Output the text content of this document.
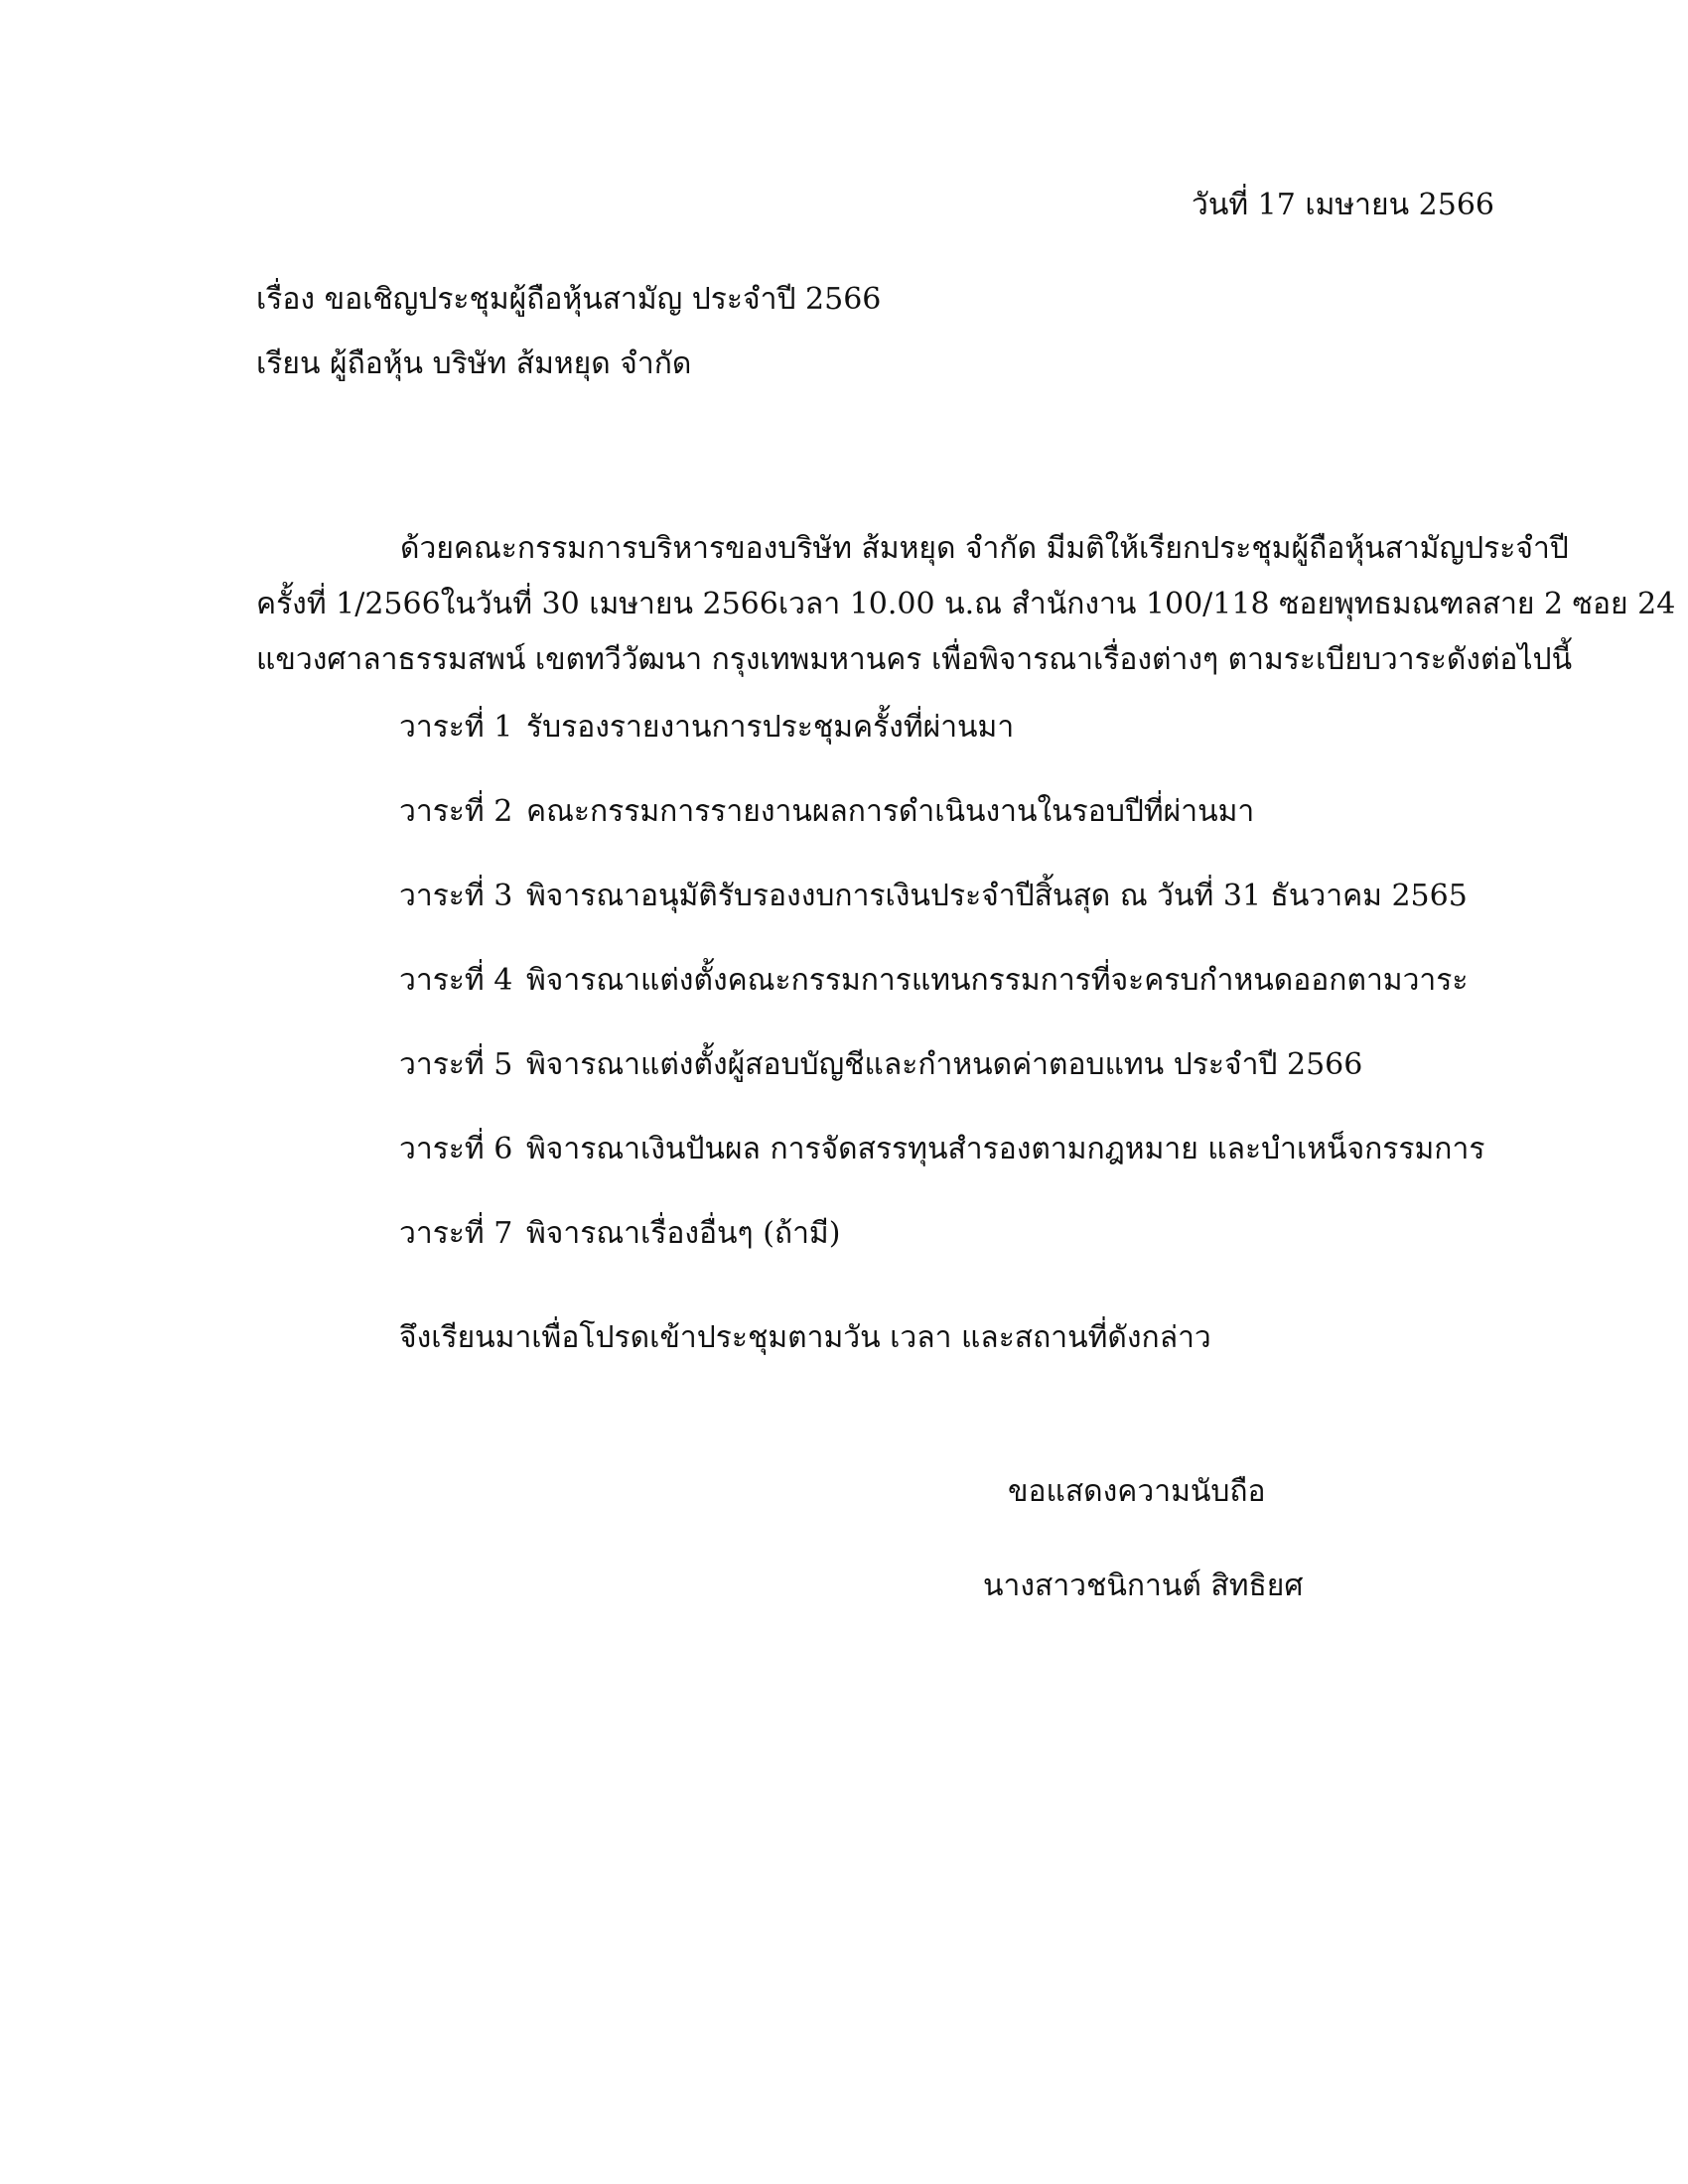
วันที่ 17 เมษายน 2566
เรื่อง ขอเชิญประชุมผู้ถือหุ้นสามัญ ประจำปี 2566
เรียน ผู้ถือหุ้น บริษัท ส้มหยุด จำกัด
ด้วยคณะกรรมการบริหารของบริษัท ส้มหยุด จำกัด มีมติให้เรียกประชุมผู้ถือหุ้นสามัญประจำปี
ครั้งที่ 1/2566ในวันที่ 30 เมษายน 2566เวลา 10.00 น.ณ สำนักงาน 100/118 ซอยพุทธมณฑลสาย 2 ซอย 24
แขวงศาลาธรรมสพน์ เขตทวีวัฒนา กรุงเทพมหานคร เพื่อพิจารณาเรื่องต่างๆ ตามระเบียบวาระดังต่อไปนี้
วาระที่ 1 รับรองรายงานการประชุมครั้งที่ผ่านมา
วาระที่ 2 คณะกรรมการรายงานผลการดำเนินงานในรอบปีที่ผ่านมา
วาระที่ 3 พิจารณาอนุมัติรับรองงบการเงินประจำปีสิ้นสุด ณ วันที่ 31 ธันวาคม 2565
วาระที่ 4 พิจารณาแต่งตั้งคณะกรรมการแทนกรรมการที่จะครบกำหนดออกตามวาระ
วาระที่ 5 พิจารณาแต่งตั้งผู้สอบบัญชีและกำหนดค่าตอบแทน ประจำปี 2566
วาระที่ 6 พิจารณาเงินปันผล การจัดสรรทุนสำรองตามกฎหมาย และบำเหน็จกรรมการ
วาระที่ 7 พิจารณาเรื่องอื่นๆ (ถ้ามี)
จึงเรียนมาเพื่อโปรดเข้าประชุมตามวัน เวลา และสถานที่ดังกล่าว
ขอแสดงความนับถือ
นางสาวชนิกานต์ สิทธิยศ
